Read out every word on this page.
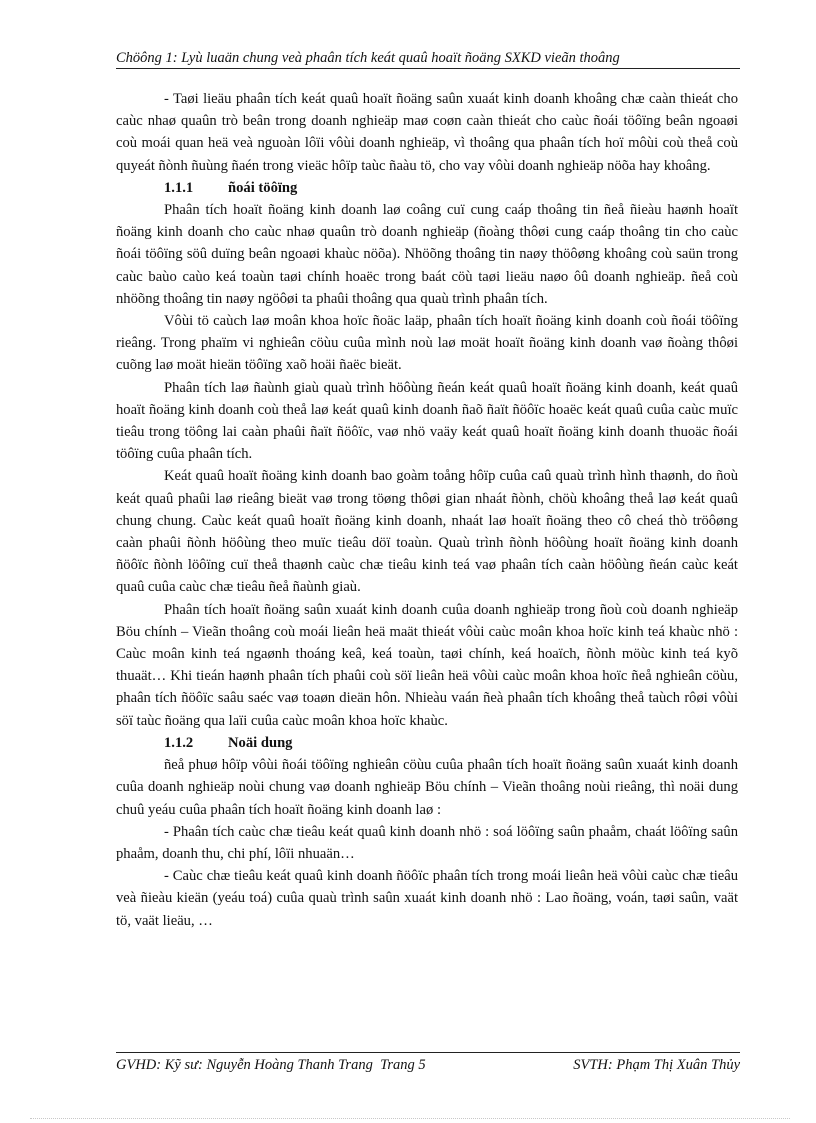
Chöông 1: Lyù luaän chung veà phaân tích keát quaû hoaït ñoäng SXKD vieãn thoâng

- Taøi lieäu phaân tích keát quaû hoaït ñoäng saûn xuaát kinh doanh khoâng chæ caàn thieát cho caùc nhaø quaûn trò beân trong doanh nghieäp maø coøn caàn thieát cho caùc ñoái töôïng beân ngoaøi coù moái quan heä veà nguoàn lôïi vôùi doanh nghieäp, vì thoâng qua phaân tích hoï môùi coù theå coù quyeát ñònh ñuùng ñaén trong vieäc hôïp taùc ñaàu tö, cho vay vôùi doanh nghieäp nöõa hay khoâng.

1.1.1	ñoái töôïng

Phaân tích hoaït ñoäng kinh doanh laø coâng cuï cung caáp thoâng tin ñeå ñieàu haønh hoaït ñoäng kinh doanh cho caùc nhaø quaûn trò doanh nghieäp (ñoàng thôøi cung caáp thoâng tin cho caùc ñoái töôïng söû duïng beân ngoaøi khaùc nöõa). Nhöõng thoâng tin naøy thöôøng khoâng coù saün trong caùc baùo caùo keá toaùn taøi chính hoaëc trong baát cöù taøi lieäu naøo ôû doanh nghieäp. ñeå coù nhöõng thoâng tin naøy ngöôøi ta phaûi thoâng qua quaù trình phaân tích.

Vôùi tö caùch laø moân khoa hoïc ñoäc laäp, phaân tích hoaït ñoäng kinh doanh coù ñoái töôïng rieâng. Trong phaïm vi nghieân cöùu cuûa mình noù laø moät hoaït ñoäng kinh doanh vaø ñoàng thôøi cuõng laø moät hieän töôïng xaõ hoäi ñaëc bieät.

Phaân tích laø ñaùnh giaù quaù trình höôùng ñeán keát quaû hoaït ñoäng kinh doanh, keát quaû hoaït ñoäng kinh doanh coù theå laø keát quaû kinh doanh ñaõ ñaït ñöôïc hoaëc keát quaû cuûa caùc muïc tieâu trong töông lai caàn phaûi ñaït ñöôïc, vaø nhö vaäy keát quaû hoaït ñoäng kinh doanh thuoäc ñoái töôïng cuûa phaân tích.

Keát quaû hoaït ñoäng kinh doanh bao goàm toång hôïp cuûa caû quaù trình hình thaønh, do ñoù keát quaû phaûi laø rieâng bieät vaø trong töøng thôøi gian nhaát ñònh, chöù khoâng theå laø keát quaû chung chung. Caùc keát quaû hoaït ñoäng kinh doanh, nhaát laø hoaït ñoäng theo cô cheá thò tröôøng caàn phaûi ñònh höôùng theo muïc tieâu döï toaùn. Quaù trình ñònh höôùng hoaït ñoäng kinh doanh ñöôïc ñònh löôïng cuï theå thaønh caùc chæ tieâu kinh teá vaø phaân tích caàn höôùng ñeán caùc keát quaû cuûa caùc chæ tieâu ñeå ñaùnh giaù.

Phaân tích hoaït ñoäng saûn xuaát kinh doanh cuûa doanh nghieäp trong ñoù coù doanh nghieäp Böu chính – Vieãn thoâng coù moái lieân heä maät thieát vôùi caùc moân khoa hoïc kinh teá khaùc nhö : Caùc moân kinh teá ngaønh thoáng keâ, keá toaùn, taøi chính, keá hoaïch, ñònh möùc kinh teá kyõ thuaät… Khi tieán haønh phaân tích phaûi coù söï lieân heä vôùi caùc moân khoa hoïc ñeå nghieân cöùu, phaân tích ñöôïc saâu saéc vaø toaøn dieän hôn. Nhieàu vaán ñeà phaân tích khoâng theå taùch rôøi vôùi söï taùc ñoäng qua laïi cuûa caùc moân khoa hoïc khaùc.

1.1.2	Noäi dung

ñeå phuø hôïp vôùi ñoái töôïng nghieân cöùu cuûa phaân tích hoaït ñoäng saûn xuaát kinh doanh cuûa doanh nghieäp noùi chung vaø doanh nghieäp Böu chính – Vieãn thoâng noùi rieâng, thì noäi dung chuû yeáu cuûa phaân tích hoaït ñoäng kinh doanh laø :

- Phaân tích caùc chæ tieâu keát quaû kinh doanh nhö : soá löôïng saûn phaåm, chaát löôïng saûn phaåm, doanh thu, chi phí, lôïi nhuaän…

- Caùc chæ tieâu keát quaû kinh doanh ñöôïc phaân tích trong moái lieân heä vôùi caùc chæ tieâu veà ñieàu kieän (yeáu toá) cuûa quaù trình saûn xuaát kinh doanh nhö : Lao ñoäng, voán, taøi saûn, vaät tö, vaät lieäu, …

GVHD: Kỹ sư: Nguyễn Hoàng Thanh Trang Trang 5	SVTH: Phạm Thị Xuân Thủy
